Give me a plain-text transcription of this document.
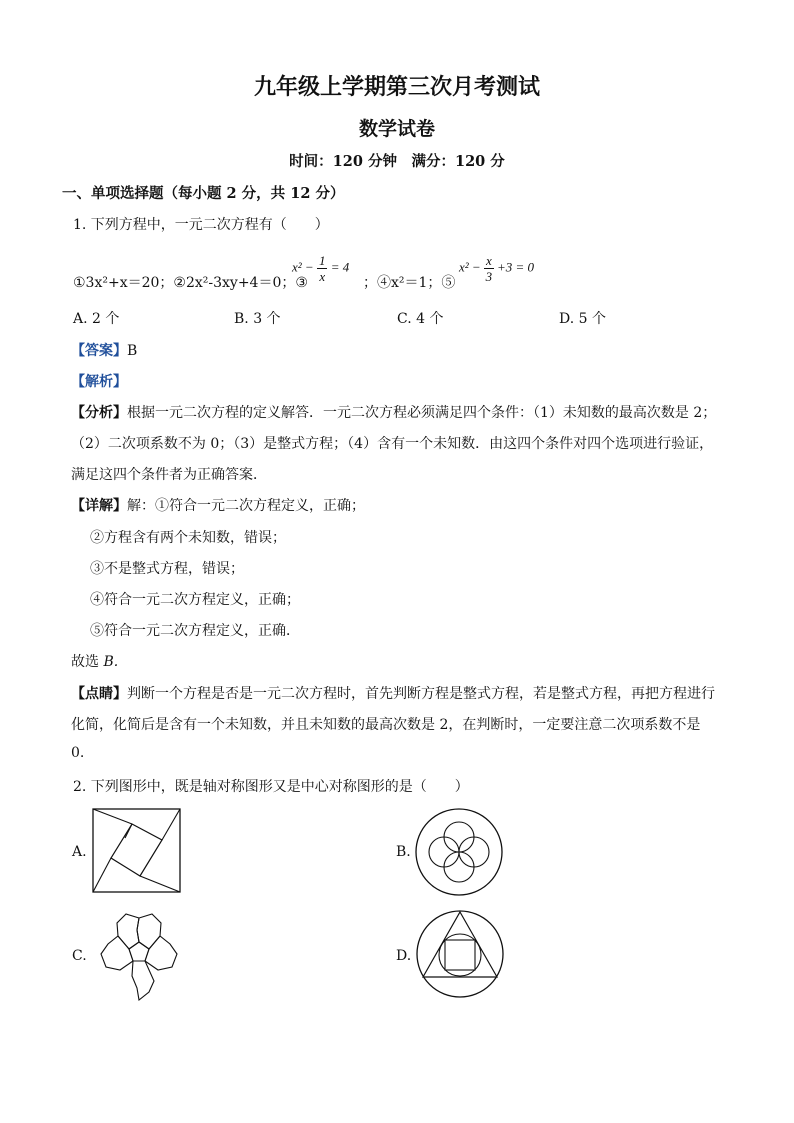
九年级上学期第三次月考测试
数学试卷
时间：120 分钟　满分：120 分
一、单项选择题（每小题 2 分，共 12 分）
1. 下列方程中，一元二次方程有（　　）
①3x²+x＝20；②2x²-3xy+4＝0；③
$x^2 - \frac{1}{x} = 4$
；④x²＝1；⑤
$x^2 - \frac{x}{3} +3 = 0$
A. 2 个	B. 3 个	C. 4 个	D. 5 个
【答案】B
【解析】
【分析】根据一元二次方程的定义解答．一元二次方程必须满足四个条件：（1）未知数的最高次数是 2；
（2）二次项系数不为 0；（3）是整式方程；（4）含有一个未知数．由这四个条件对四个选项进行验证，
满足这四个条件者为正确答案．
【详解】解：①符合一元二次方程定义，正确；
②方程含有两个未知数，错误；
③不是整式方程，错误；
④符合一元二次方程定义，正确；
⑤符合一元二次方程定义，正确．
故选 B.
【点睛】判断一个方程是否是一元二次方程时，首先判断方程是整式方程，若是整式方程，再把方程进行
化简，化简后是含有一个未知数，并且未知数的最高次数是 2，在判断时，一定要注意二次项系数不是
0.
2. 下列图形中，既是轴对称图形又是中心对称图形的是（　　）
A.	B.
C.	D.
